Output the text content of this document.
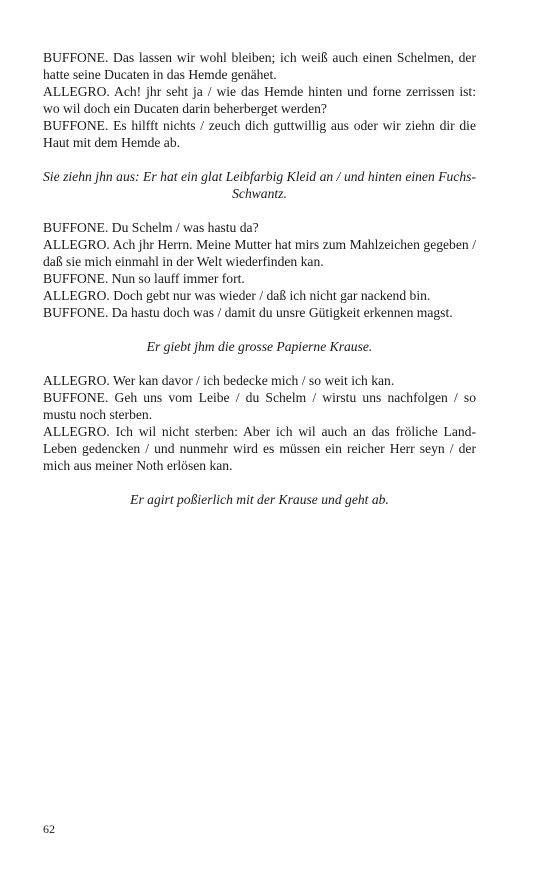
BUFFONE. Das lassen wir wohl bleiben; ich weiß auch einen Schelmen, der hatte seine Ducaten in das Hemde genähet.

ALLEGRO. Ach! jhr seht ja / wie das Hemde hinten und forne zerrissen ist: wo wil doch ein Ducaten darin beherberget werden?

BUFFONE. Es hilfft nichts / zeuch dich guttwillig aus oder wir ziehn dir die Haut mit dem Hemde ab.

Sie ziehn jhn aus: Er hat ein glat Leibfarbig Kleid an / und hinten einen Fuchs-Schwantz.

BUFFONE. Du Schelm / was hastu da?

ALLEGRO. Ach jhr Herrn. Meine Mutter hat mirs zum Mahlzeichen gegeben / daß sie mich einmahl in der Welt wiederfinden kan.

BUFFONE. Nun so lauff immer fort.

ALLEGRO. Doch gebt nur was wieder / daß ich nicht gar nackend bin.

BUFFONE. Da hastu doch was / damit du unsre Gütigkeit erkennen magst.

Er giebt jhm die grosse Papierne Krause.

ALLEGRO. Wer kan davor / ich bedecke mich / so weit ich kan.

BUFFONE. Geh uns vom Leibe / du Schelm / wirstu uns nachfolgen / so mustu noch sterben.

ALLEGRO. Ich wil nicht sterben: Aber ich wil auch an das fröliche Land-Leben gedencken / und nunmehr wird es müssen ein reicher Herr seyn / der mich aus meiner Noth erlösen kan.

Er agirt poßierlich mit der Krause und geht ab.

62
